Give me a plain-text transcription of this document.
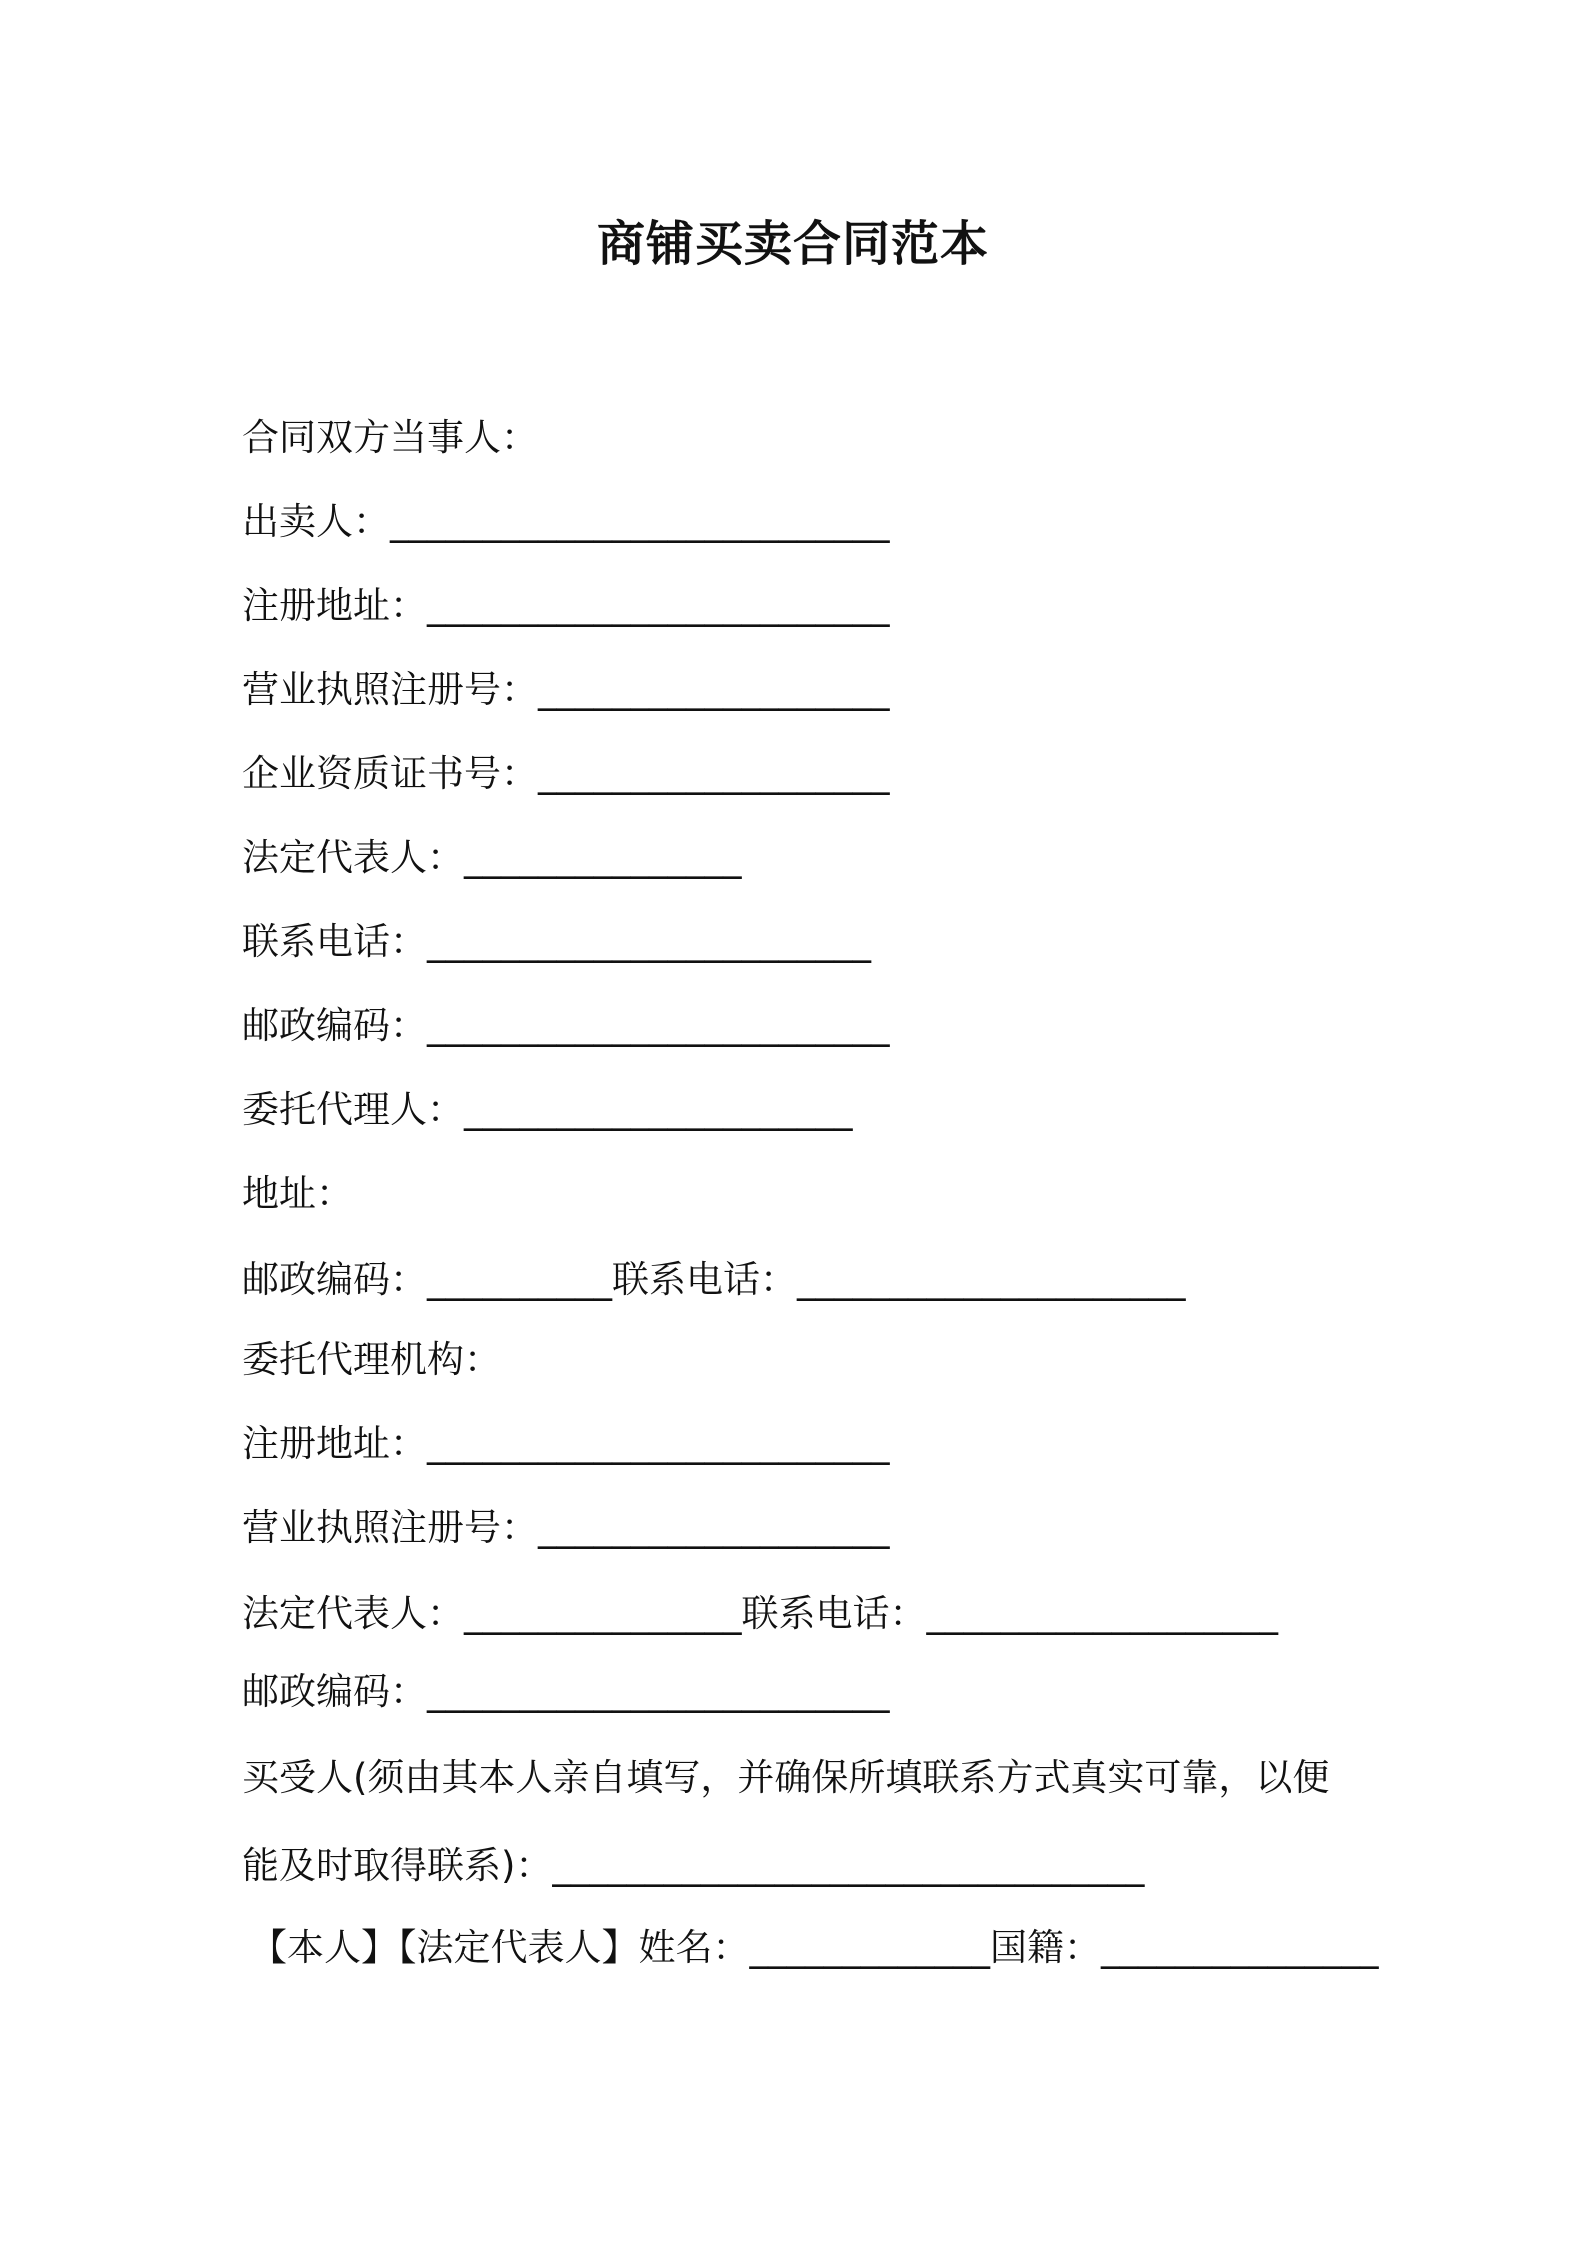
商铺买卖合同范本
合同双方当事人：
出卖人：___________________________
注册地址：_________________________
营业执照注册号：___________________
企业资质证书号：___________________
法定代表人：_______________
联系电话：________________________
邮政编码：_________________________
委托代理人：_____________________
地址：
邮政编码：__________联系电话：_____________________
委托代理机构：
注册地址：_________________________
营业执照注册号：___________________
法定代表人：_______________联系电话：___________________
邮政编码：_________________________
买受人(须由其本人亲自填写，并确保所填联系方式真实可靠，以便
能及时取得联系)：________________________________
【本人】【法定代表人】姓名：_____________国籍：_______________
